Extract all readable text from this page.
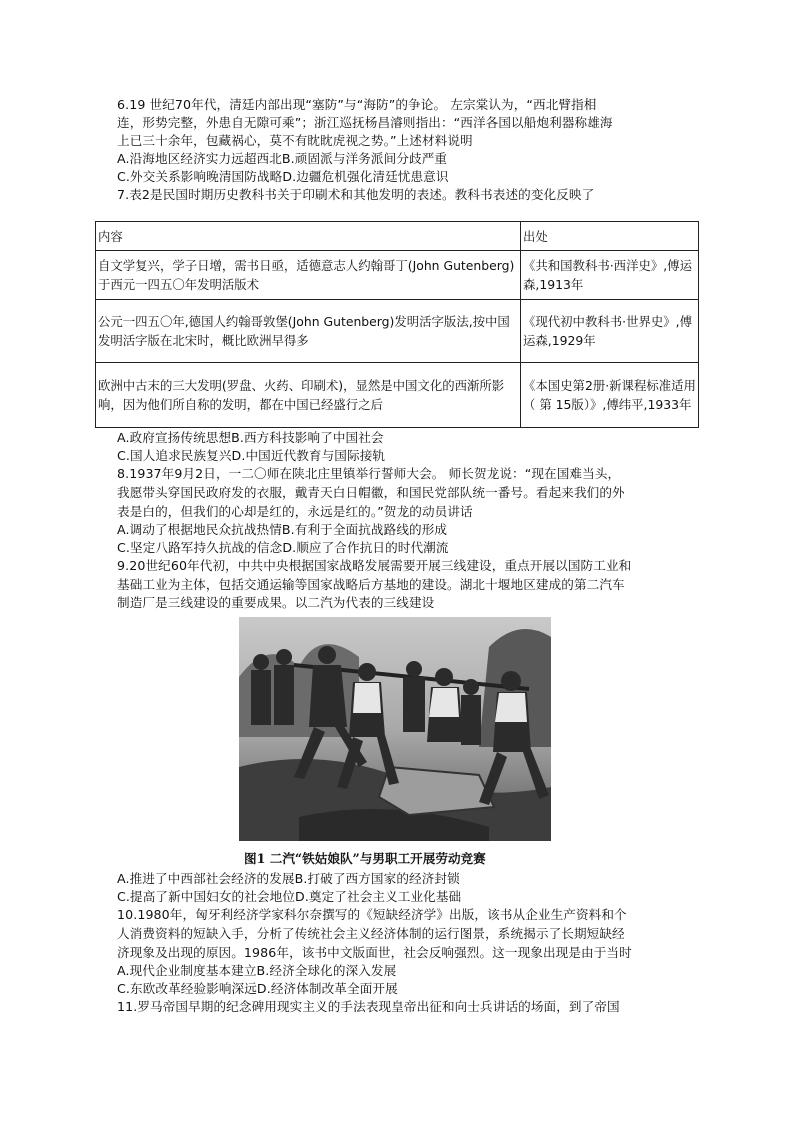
6.19 世纪70年代，清廷内部出现“塞防”与“海防”的争论。 左宗棠认为，“西北臂指相
连，形势完整，外患自无隙可乘”；浙江巡抚杨昌濬则指出：“西洋各国以船炮利器称雄海
上已三十余年，包藏祸心，莫不有眈眈虎视之势。”上述材料说明
A.沿海地区经济实力远超西北B.顽固派与洋务派间分歧严重
C.外交关系影响晚清国防战略D.边疆危机强化清廷忧患意识
7.表2是民国时期历史教科书关于印刷术和其他发明的表述。教科书表述的变化反映了
内容	出处
自文学复兴，学子日增，需书日亟，适德意志人约翰哥丁(John Gutenberg)于西元一四五〇年发明活版术	《共和国教科书·西洋史》,傅运森,1913年
公元一四五〇年,德国人约翰哥敦堡(John Gutenberg)发明活字版法,按中国发明活字版在北宋时，概比欧洲早得多	《现代初中教科书·世界史》,傅运森,1929年
欧洲中古末的三大发明(罗盘、火药、印刷术)，显然是中国文化的西渐所影响，因为他们所自称的发明，都在中国已经盛行之后	《本国史第2册·新课程标准适用（ 第 15版）》,傅纬平,1933年
A.政府宣扬传统思想B.西方科技影响了中国社会
C.国人追求民族复兴D.中国近代教育与国际接轨
8.1937年9月2日，一二〇师在陕北庄里镇举行誓师大会。 师长贺龙说：“现在国难当头，
我愿带头穿国民政府发的衣服，戴青天白日帽徽，和国民党部队统一番号。看起来我们的外
表是白的，但我们的心却是红的，永远是红的。”贺龙的动员讲话
A.调动了根据地民众抗战热情B.有利于全面抗战路线的形成
C.坚定八路军持久抗战的信念D.顺应了合作抗日的时代潮流
9.20世纪60年代初，中共中央根据国家战略发展需要开展三线建设，重点开展以国防工业和
基础工业为主体，包括交通运输等国家战略后方基地的建设。湖北十堰地区建成的第二汽车
制造厂是三线建设的重要成果。以二汽为代表的三线建设
图1 二汽“铁姑娘队”与男职工开展劳动竞赛
A.推进了中西部社会经济的发展B.打破了西方国家的经济封锁
C.提高了新中国妇女的社会地位D.奠定了社会主义工业化基础
10.1980年，匈牙利经济学家科尔奈撰写的《短缺经济学》出版，该书从企业生产资料和个
人消费资料的短缺入手，分析了传统社会主义经济体制的运行图景，系统揭示了长期短缺经
济现象及出现的原因。1986年，该书中文版面世，社会反响强烈。这一现象出现是由于当时
A.现代企业制度基本建立B.经济全球化的深入发展
C.东欧改革经验影响深远D.经济体制改革全面开展
11.罗马帝国早期的纪念碑用现实主义的手法表现皇帝出征和向士兵讲话的场面，到了帝国
